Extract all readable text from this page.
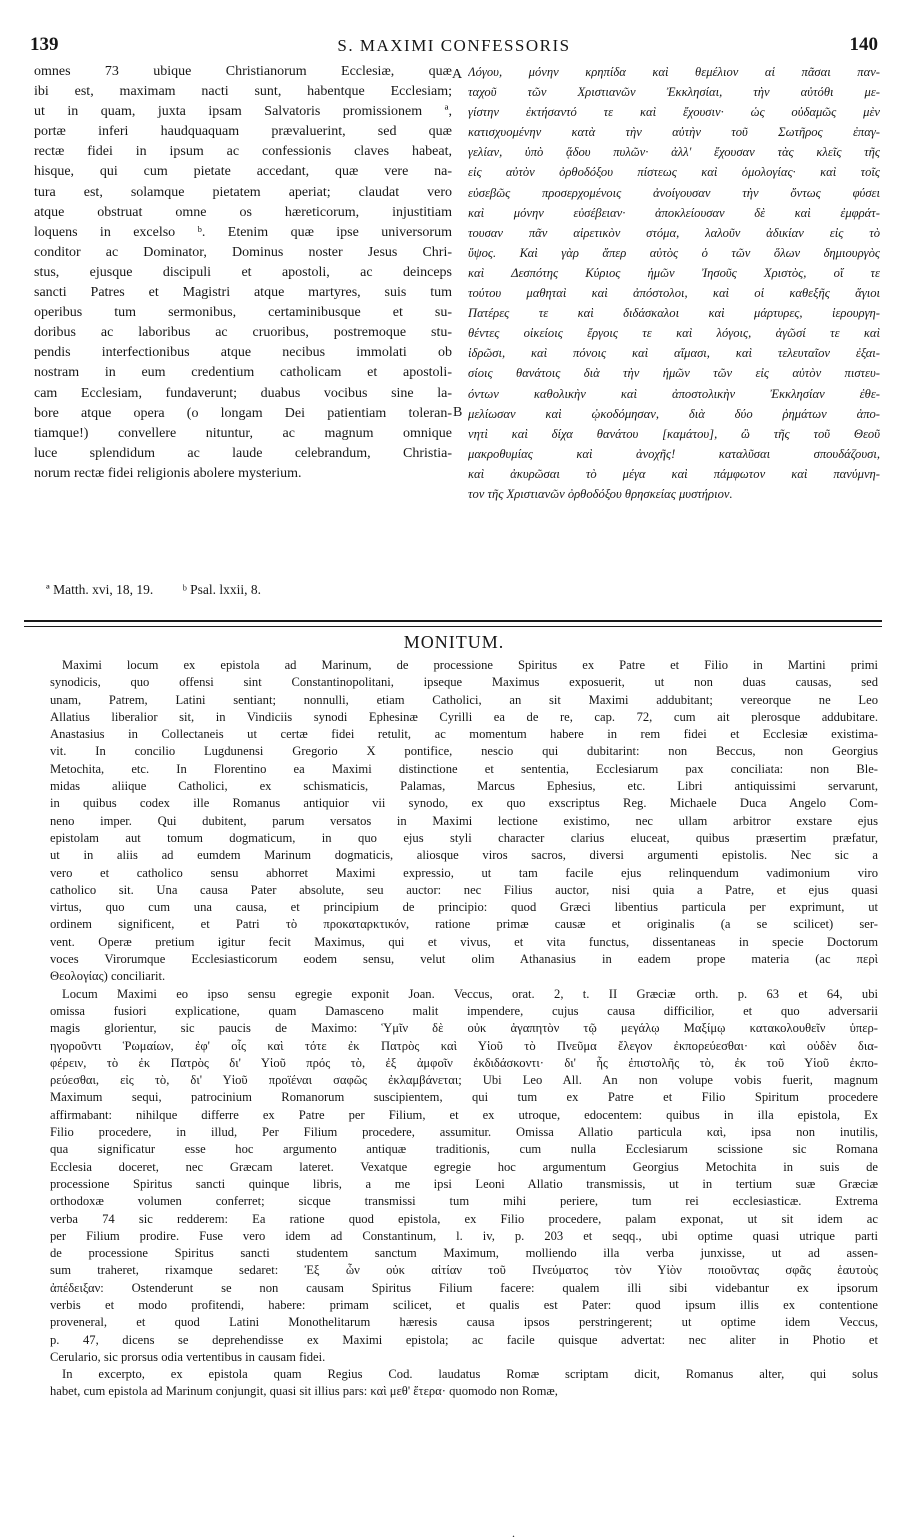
139	S. MAXIMI CONFESSORIS	140
omnes 73 ubique Christianorum Ecclesiæ, quæ
ibi est, maximam nacti sunt, habentque Ecclesiam;
ut in quam, juxta ipsam Salvatoris promissionem ª,
portæ inferi haudquaquam prævaluerint, sed quæ
rectæ fidei in ipsum ac confessionis claves habeat,
hisque, qui cum pietate accedant, quæ vere na-
tura est, solamque pietatem aperiat; claudat vero
atque obstruat omne os hæreticorum, injustitiam
loquens in excelso ᵇ. Etenim quæ ipse universorum
conditor ac Dominator, Dominus noster Jesus Chri-
stus, ejusque discipuli et apostoli, ac deinceps
sancti Patres et Magistri atque martyres, suis tum
operibus tum sermonibus, certaminibusque et su-
doribus ac laboribus ac cruoribus, postremoque stu-
pendis interfectionibus atque necibus immolati ob
nostram in eum credentium catholicam et apostoli-
cam Ecclesiam, fundaverunt; duabus vocibus sine la-
bore atque opera (o longam Dei patientiam toleran-
tiamque!) convellere nituntur, ac magnum omnique
luce splendidum ac laude celebrandum, Christia-
norum rectæ fidei religionis abolere mysterium.
Λόγου, μόνην κρηπίδα καὶ θεμέλιον αἱ πᾶσαι παν-
ταχοῦ τῶν Χριστιανῶν Ἐκκλησίαι, τὴν αὐτόθι με-
γίστην ἐκτήσαντό τε καὶ ἔχουσιν· ὡς οὐδαμῶς μὲν
κατισχυομένην κατὰ τὴν αὐτὴν τοῦ Σωτῆρος ἐπαγ-
γελίαν, ὑπὸ ᾅδου πυλῶν· ἀλλ' ἔχουσαν τὰς κλεῖς τῆς
εἰς αὐτὸν ὀρθοδόξου πίστεως καὶ ὁμολογίας· καὶ τοῖς
εὐσεβῶς προσερχομένοις ἀνοίγουσαν τὴν ὄντως φύσει
καὶ μόνην εὐσέβειαν· ἀποκλείουσαν δὲ καὶ ἐμφράτ-
τουσαν πᾶν αἱρετικὸν στόμα, λαλοῦν ἀδικίαν εἰς τὸ
ὕψος. Καὶ γὰρ ἅπερ αὐτὸς ὁ τῶν ὅλων δημιουργὸς
καὶ Δεσπότης Κύριος ἡμῶν Ἰησοῦς Χριστὸς, οἵ τε
τούτου μαθηταὶ καὶ ἀπόστολοι, καὶ οἱ καθεξῆς ἅγιοι
Πατέρες τε καὶ διδάσκαλοι καὶ μάρτυρες, ἱερουργη-
θέντες οἰκείοις ἔργοις τε καὶ λόγοις, ἀγῶσί τε καὶ
ἱδρῶσι, καὶ πόνοις καὶ αἵμασι, καὶ τελευταῖον ἐξαι-
σίοις θανάτοις διὰ τὴν ἡμῶν τῶν εἰς αὐτὸν πιστευ-
όντων καθολικὴν καὶ ἀποστολικὴν Ἐκκλησίαν ἐθε-
μελίωσαν καὶ ᾠκοδόμησαν, διὰ δύο ῥημάτων ἀπο-
νητὶ καὶ δίχα θανάτου [καμάτου], ὢ τῆς τοῦ Θεοῦ
μακροθυμίας καὶ ἀνοχῆς! καταλῦσαι σπουδάζουσι,
καὶ ἀκυρῶσαι τὸ μέγα καὶ πάμφωτον καὶ πανύμνη-
τον τῆς Χριστιανῶν ὀρθοδόξου θρησκείας μυστήριον.
A
B
ª Matth. xvi, 18, 19. ᵇ Psal. lxxii, 8.
MONITUM.
Maximi locum ex epistola ad Marinum, de processione Spiritus ex Patre et Filio in Martini primi
synodicis, quo offensi sint Constantinopolitani, ipseque Maximus exposuerit, ut non duas causas, sed
unam, Patrem, Latini sentiant; nonnulli, etiam Catholici, an sit Maximi addubitant; vereorque ne Leo
Allatius liberalior sit, in Vindiciis synodi Ephesinæ Cyrilli ea de re, cap. 72, cum ait plerosque addubitare.
Anastasius in Collectaneis ut certæ fidei retulit, ac momentum habere in rem fidei et Ecclesiæ existima-
vit. In concilio Lugdunensi Gregorio X pontifice, nescio qui dubitarint: non Beccus, non Georgius
Metochita, etc. In Florentino ea Maximi distinctione et sententia, Ecclesiarum pax conciliata: non Ble-
midas aliique Catholici, ex schismaticis, Palamas, Marcus Ephesius, etc. Libri antiquissimi servarunt,
in quibus codex ille Romanus antiquior vii synodo, ex quo exscriptus Reg. Michaele Duca Angelo Com-
neno imper. Qui dubitent, parum versatos in Maximi lectione existimo, nec ullam arbitror exstare ejus
epistolam aut tomum dogmaticum, in quo ejus styli character clarius eluceat, quibus præsertim præfatur,
ut in aliis ad eumdem Marinum dogmaticis, aliosque viros sacros, diversi argumenti epistolis. Nec sic a
vero et catholico sensu abhorret Maximi expressio, ut tam facile ejus relinquendum vadimonium viro
catholico sit. Una causa Pater absolute, seu auctor: nec Filius auctor, nisi quia a Patre, et ejus quasi
virtus, quo cum una causa, et principium de principio: quod Græci libentius particula per exprimunt, ut
ordinem significent, et Patri τὸ προκαταρκτικόν, ratione primæ causæ et originalis (a se scilicet) ser-
vent. Operæ pretium igitur fecit Maximus, qui et vivus, et vita functus, dissentaneas in specie Doctorum
voces Virorumque Ecclesiasticorum eodem sensu, velut olim Athanasius in eadem prope materia (ac περὶ
Θεολογίας) conciliarit.
Locum Maximi eo ipso sensu egregie exponit Joan. Veccus, orat. 2, t. II Græciæ orth. p. 63 et 64, ubi
omissa fusiori explicatione, quam Damasceno malit impendere, cujus causa difficilior, et quo adversarii
magis glorientur, sic paucis de Maximo: Ὑμῖν δὲ οὐκ ἀγαπητὸν τῷ μεγάλῳ Μαξίμῳ κατακολουθεῖν ὑπερ-
ηγοροῦντι Ῥωμαίων, ἐφ' οἷς καὶ τότε ἐκ Πατρὸς καὶ Υἱοῦ τὸ Πνεῦμα ἔλεγον ἐκπορεύεσθαι· καὶ οὐδὲν δια-
φέρειν, τὸ ἐκ Πατρὸς δι' Υἱοῦ πρός τὸ, ἐξ ἀμφοῖν ἐκδιδάσκοντι· δι' ἧς ἐπιστολῆς τὸ, ἐκ τοῦ Υἱοῦ ἐκπο-
ρεύεσθαι, εἰς τὸ, δι' Υἱοῦ προϊέναι σαφῶς ἐκλαμβάνεται; Ubi Leo All. An non volupe vobis fuerit, magnum
Maximum sequi, patrocinium Romanorum suscipientem, qui tum ex Patre et Filio Spiritum procedere
affirmabant: nihilque differre ex Patre per Filium, et ex utroque, edocentem: quibus in illa epistola, Ex
Filio procedere, in illud, Per Filium procedere, assumitur. Omissa Allatio particula καὶ, ipsa non inutilis,
qua significatur esse hoc argumento antiquæ traditionis, cum nulla Ecclesiarum scissione sic Romana
Ecclesia doceret, nec Græcam lateret. Vexatque egregie hoc argumentum Georgius Metochita in suis de
processione Spiritus sancti quinque libris, a me ipsi Leoni Allatio transmissis, ut in tertium suæ Græciæ
orthodoxæ volumen conferret; sicque transmissi tum mihi periere, tum rei ecclesiasticæ. Extrema
verba 74 sic redderem: Ea ratione quod epistola, ex Filio procedere, palam exponat, ut sit idem ac
per Filium prodire. Fuse vero idem ad Constantinum, l. iv, p. 203 et seqq., ubi optime quasi utrique parti
de processione Spiritus sancti studentem sanctum Maximum, molliendo illa verba junxisse, ut ad assen-
sum traheret, rixamque sedaret: Ἐξ ὧν οὐκ αἰτίαν τοῦ Πνεύματος τὸν Υἱὸν ποιοῦντας σφᾶς ἑαυτοὺς
ἀπέδειξαν: Ostenderunt se non causam Spiritus Filium facere: qualem illi sibi videbantur ex ipsorum
verbis et modo profitendi, habere: primam scilicet, et qualis est Pater: quod ipsum illis ex contentione
proveneral, et quod Latini Monothelitarum hæresis causa ipsos perstringerent; ut optime idem Veccus,
p. 47, dicens se deprehendisse ex Maximi epistola; ac facile quisque advertat: nec aliter in Photio et
Cerulario, sic prorsus odia vertentibus in causam fidei.
In excerpto, ex epistola quam Regius Cod. laudatus Romæ scriptam dicit, Romanus alter, qui solus
habet, cum epistola ad Marinum conjungit, quasi sit illius pars: καὶ μεθ' ἕτερα· quomodo non Romæ,
.
